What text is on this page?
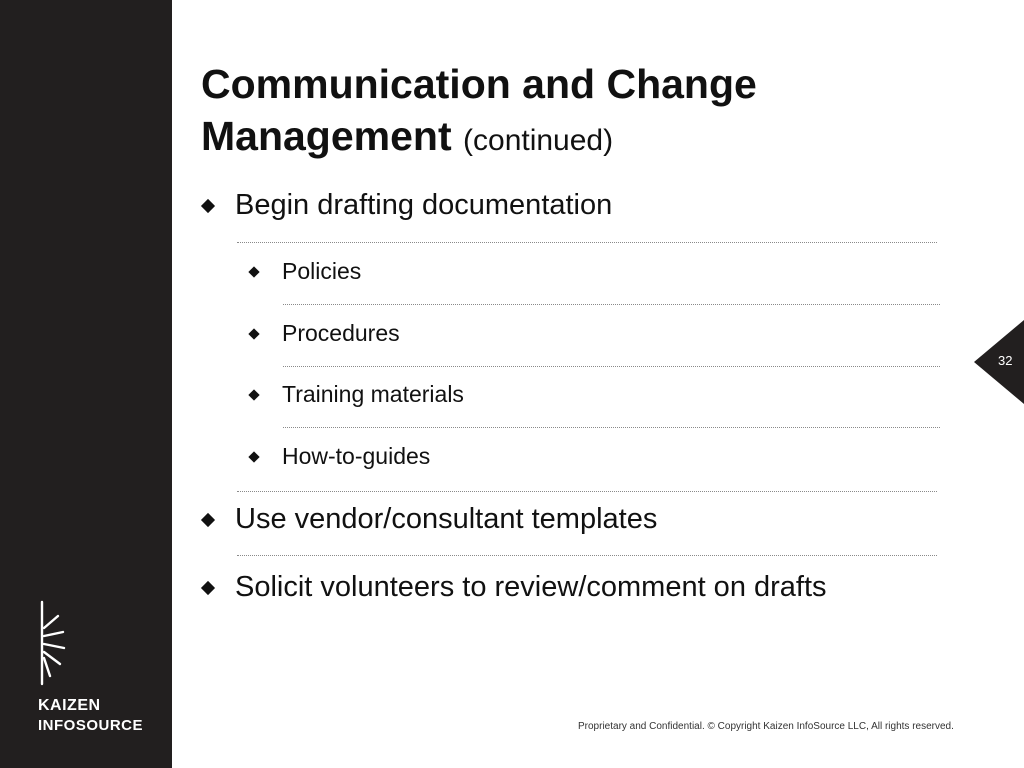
KAIZEN
INFOSOURCE
Communication and Change Management (continued)
Begin drafting documentation
Policies
Procedures
Training materials
How-to-guides
Use vendor/consultant templates
Solicit volunteers to review/comment on drafts
32
Proprietary and Confidential. © Copyright Kaizen InfoSource LLC, All rights reserved.
